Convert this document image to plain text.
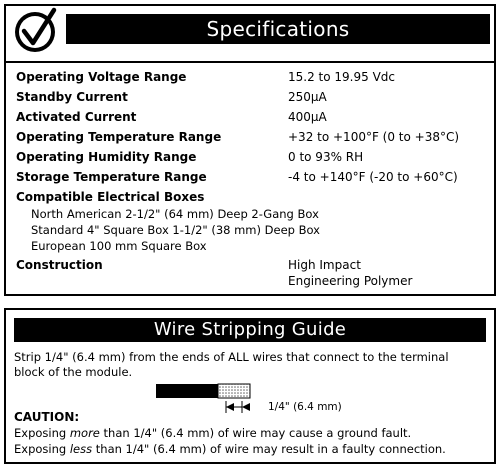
Specifications
Operating Voltage Range	15.2 to 19.95 Vdc
Standby Current	250µA
Activated Current	400µA
Operating Temperature Range	+32 to +100°F (0 to +38°C)
Operating Humidity Range	0 to 93% RH
Storage Temperature Range	-4 to +140°F (-20 to +60°C)
Compatible Electrical Boxes
North American 2-1/2" (64 mm) Deep 2-Gang Box
Standard 4" Square Box 1-1/2" (38 mm) Deep Box
European 100 mm Square Box
Construction	High Impact
Engineering Polymer
Wire Stripping Guide
Strip 1/4" (6.4 mm) from the ends of ALL wires that connect to the terminal
block of the module.
1/4" (6.4 mm)
CAUTION:
Exposing more than 1/4" (6.4 mm) of wire may cause a ground fault.
Exposing less than 1/4" (6.4 mm) of wire may result in a faulty connection.
